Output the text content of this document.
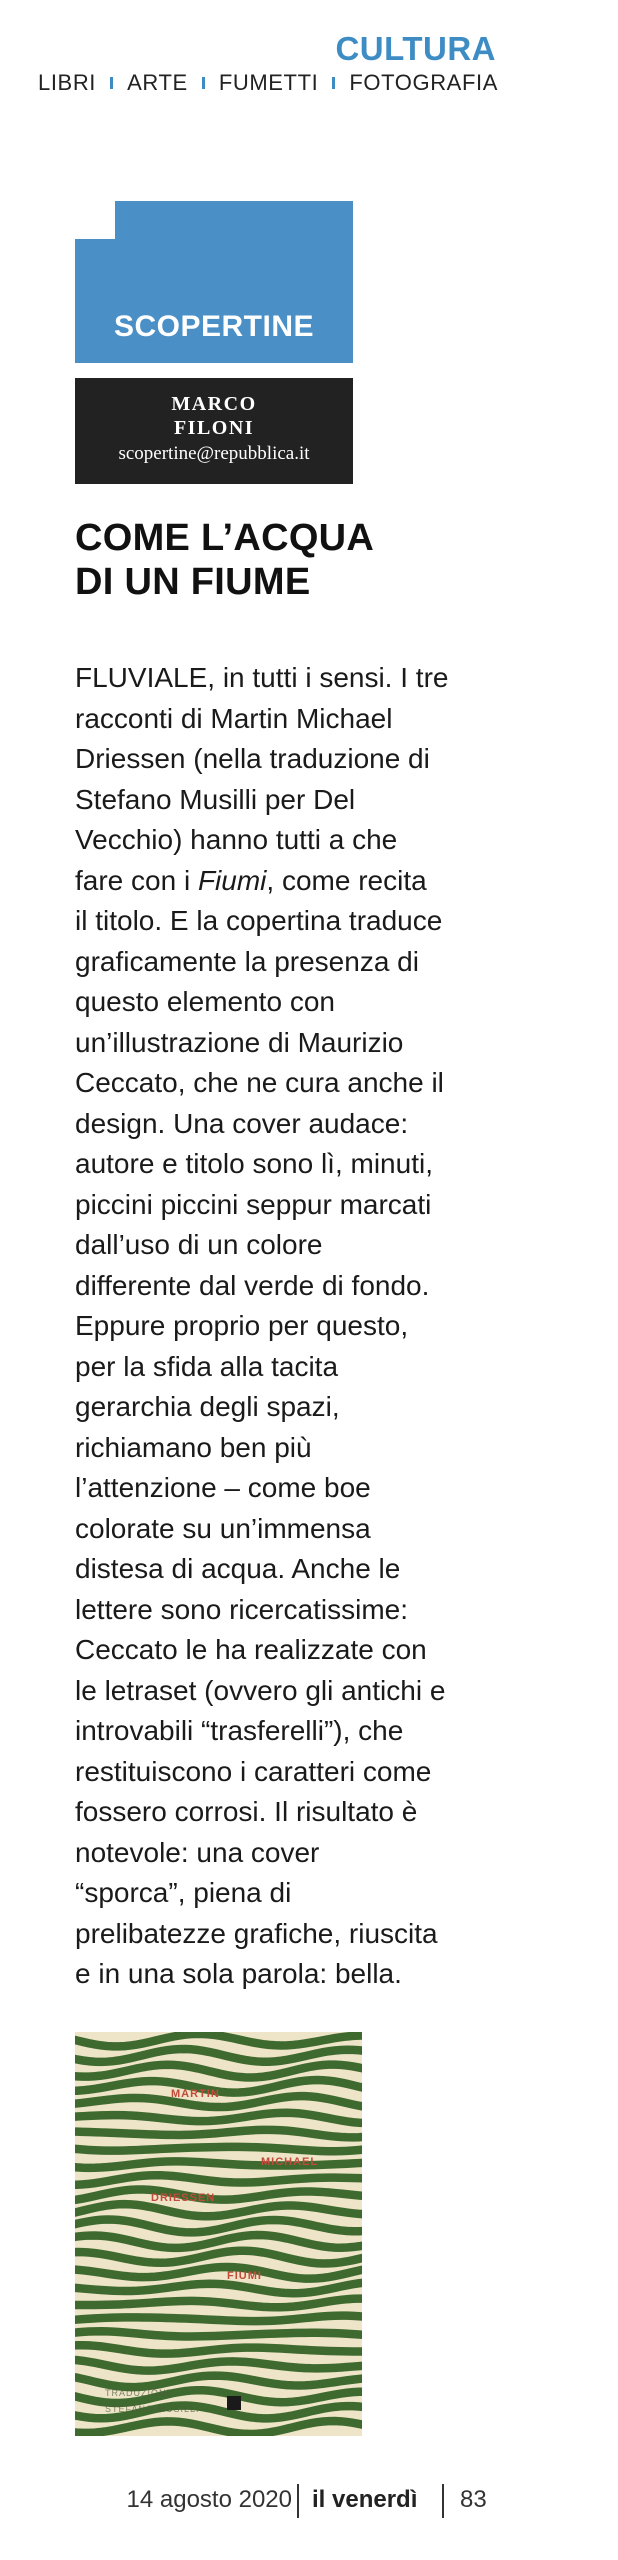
CULTURA
LIBRI ARTE FUMETTI FOTOGRAFIA
SCOPERTINE
MARCO
FILONI
scopertine@repubblica.it
COME L’ACQUA
DI UN FIUME
FLUVIALE, in tutti i sensi. I tre
racconti di Martin Michael
Driessen (nella traduzione di
Stefano Musilli per Del
Vecchio) hanno tutti a che
fare con i Fiumi, come recita
il titolo. E la copertina traduce
graficamente la presenza di
questo elemento con
un’illustrazione di Maurizio
Ceccato, che ne cura anche il
design. Una cover audace:
autore e titolo sono lì, minuti,
piccini piccini seppur marcati
dall’uso di un colore
differente dal verde di fondo.
Eppure proprio per questo,
per la sfida alla tacita
gerarchia degli spazi,
richiamano ben più
l’attenzione – come boe
colorate su un’immensa
distesa di acqua. Anche le
lettere sono ricercatissime:
Ceccato le ha realizzate con
le letraset (ovvero gli antichi e
introvabili “trasferelli”), che
restituiscono i caratteri come
fossero corrosi. Il risultato è
notevole: una cover
“sporca”, piena di
prelibatezze grafiche, riuscita
e in una sola parola: bella.
MARTIN
MICHAEL
DRIESSEN
FIUMI
TRADUZIONE
STEFANO MUSILLI
14 agosto 2020 il venerdì 83
